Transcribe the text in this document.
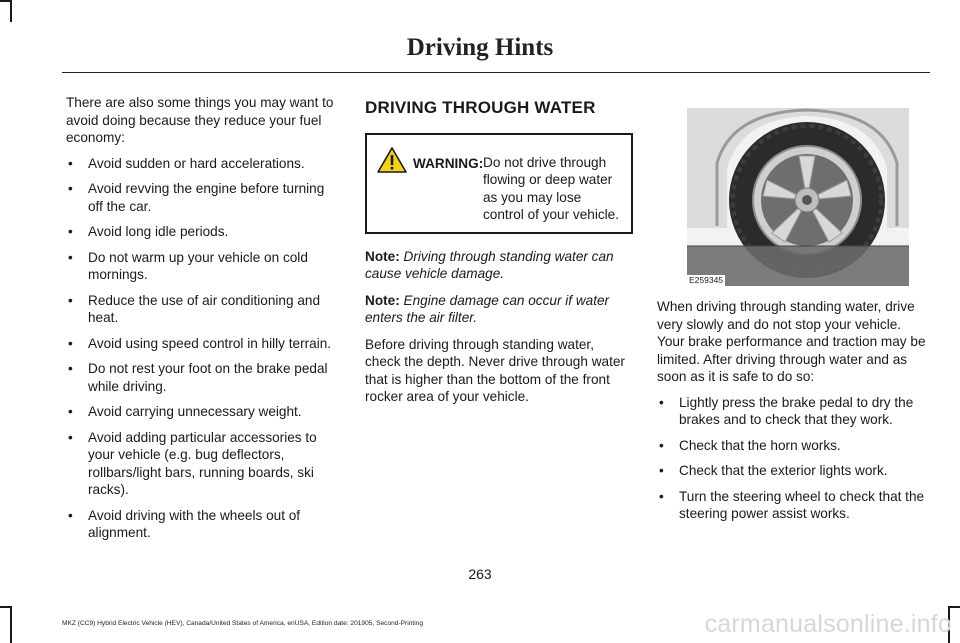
Driving Hints

There are also some things you may want to avoid doing because they reduce your fuel economy:

• Avoid sudden or hard accelerations.
• Avoid revving the engine before turning off the car.
• Avoid long idle periods.
• Do not warm up your vehicle on cold mornings.
• Reduce the use of air conditioning and heat.
• Avoid using speed control in hilly terrain.
• Do not rest your foot on the brake pedal while driving.
• Avoid carrying unnecessary weight.
• Avoid adding particular accessories to your vehicle (e.g. bug deflectors, rollbars/light bars, running boards, ski racks).
• Avoid driving with the wheels out of alignment.
DRIVING THROUGH WATER
WARNING: Do not drive through flowing or deep water as you may lose control of your vehicle.
Note: Driving through standing water can cause vehicle damage.
Note: Engine damage can occur if water enters the air filter.

Before driving through standing water, check the depth. Never drive through water that is higher than the bottom of the front rocker area of your vehicle.

E259345

When driving through standing water, drive very slowly and do not stop your vehicle. Your brake performance and traction may be limited. After driving through water and as soon as it is safe to do so:

• Lightly press the brake pedal to dry the brakes and to check that they work.
• Check that the horn works.
• Check that the exterior lights work.
• Turn the steering wheel to check that the steering power assist works.
263
MKZ (CC9) Hybrid Electric Vehicle (HEV), Canada/United States of America, enUSA, Edition date: 201905, Second-Printing	carmanualsonline.info
